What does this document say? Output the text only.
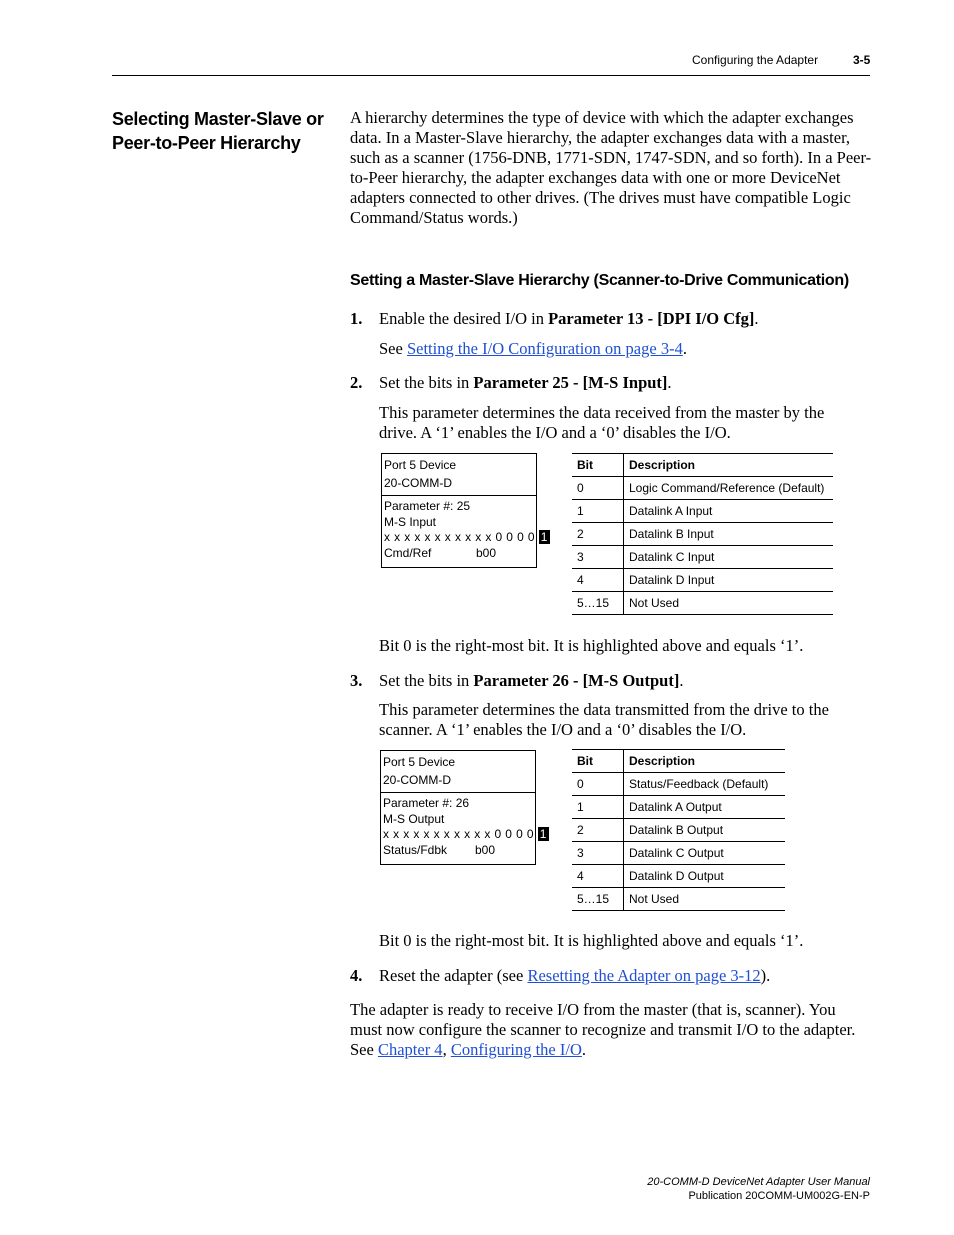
Configuring the Adapter	3-5
Selecting Master-Slave or
Peer-to-Peer Hierarchy
A hierarchy determines the type of device with which the adapter exchanges data. In a Master-Slave hierarchy, the adapter exchanges data with a master, such as a scanner (1756-DNB, 1771-SDN, 1747-SDN, and so forth). In a Peer-to-Peer hierarchy, the adapter exchanges data with one or more DeviceNet adapters connected to other drives. (The drives must have compatible Logic Command/Status words.)
Setting a Master-Slave Hierarchy (Scanner-to-Drive Communication)
1. Enable the desired I/O in Parameter 13 - [DPI I/O Cfg].
See Setting the I/O Configuration on page 3-4.
2. Set the bits in Parameter 25 - [M-S Input].
This parameter determines the data received from the master by the
drive. A ‘1’ enables the I/O and a ‘0’ disables the I/O.
Port 5 Device
20-COMM-D
Parameter #: 25
M-S Input
x x x x x x x x x x x 0 0 0 0 1
Cmd/Ref	b00
Bit	Description
0	Logic Command/Reference (Default)
1	Datalink A Input
2	Datalink B Input
3	Datalink C Input
4	Datalink D Input
5…15	Not Used
Bit 0 is the right-most bit. It is highlighted above and equals ‘1’.
3. Set the bits in Parameter 26 - [M-S Output].
This parameter determines the data transmitted from the drive to the
scanner. A ‘1’ enables the I/O and a ‘0’ disables the I/O.
Port 5 Device
20-COMM-D
Parameter #: 26
M-S Output
x x x x x x x x x x x 0 0 0 0 1
Status/Fdbk b00
Bit	Description
0	Status/Feedback (Default)
1	Datalink A Output
2	Datalink B Output
3	Datalink C Output
4	Datalink D Output
5…15	Not Used
Bit 0 is the right-most bit. It is highlighted above and equals ‘1’.
4. Reset the adapter (see Resetting the Adapter on page 3-12).
The adapter is ready to receive I/O from the master (that is, scanner). You
must now configure the scanner to recognize and transmit I/O to the adapter.
See Chapter 4, Configuring the I/O.
20-COMM-D DeviceNet Adapter User Manual
Publication 20COMM-UM002G-EN-P
